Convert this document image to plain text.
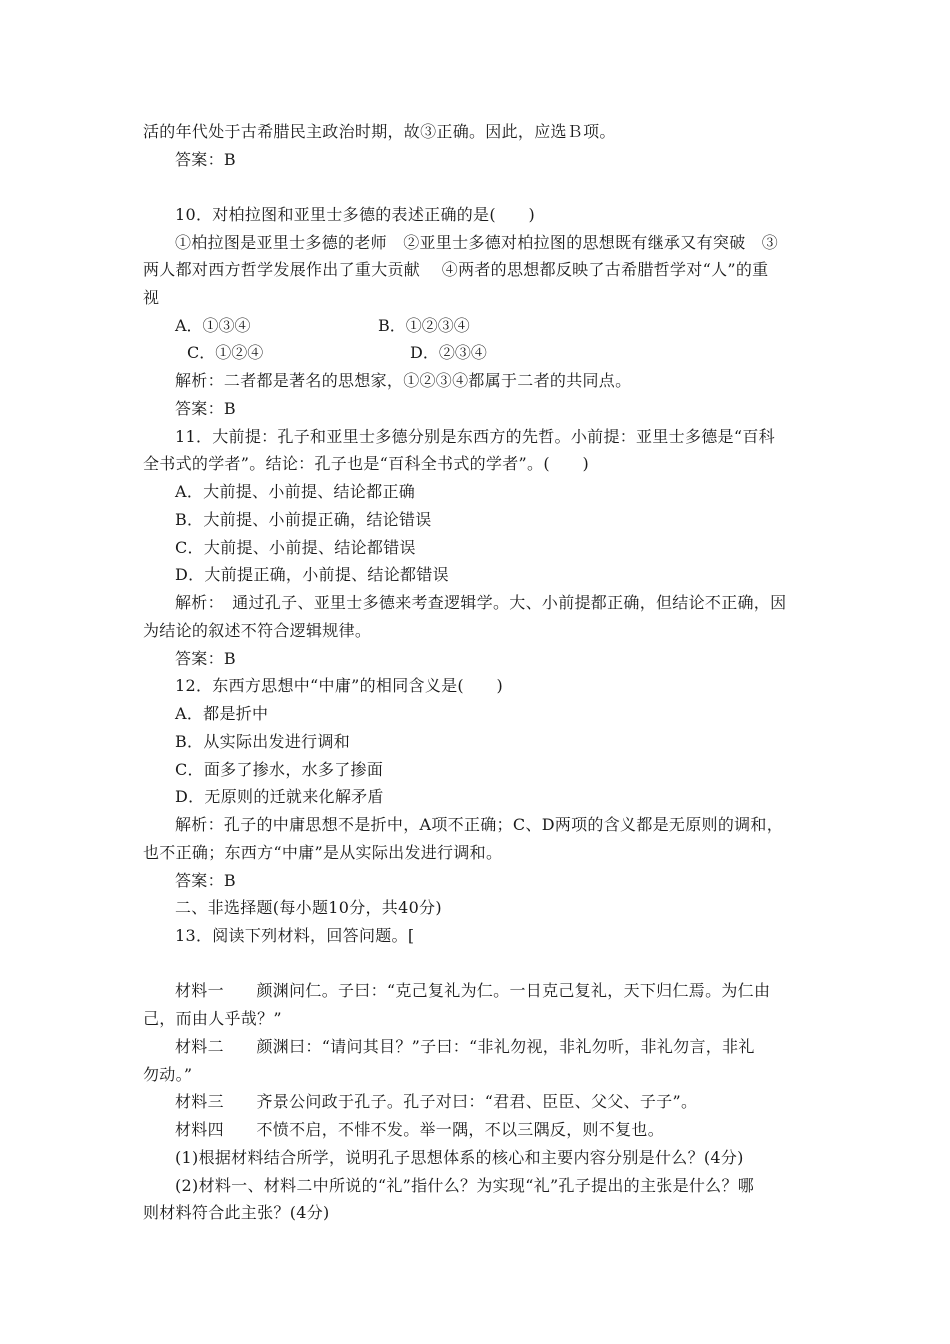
活的年代处于古希腊民主政治时期，故③正确。因此，应选Ｂ项。
答案：B
10．对柏拉图和亚里士多德的表述正确的是(　　)
①柏拉图是亚里士多德的老师　②亚里士多德对柏拉图的思想既有继承又有突破　③
两人都对西方哲学发展作出了重大贡献　 ④两者的思想都反映了古希腊哲学对“人”的重
视
A．①③④	B．①②③④
C．①②④	D．②③④
解析：二者都是著名的思想家，①②③④都属于二者的共同点。
答案：B
11．大前提：孔子和亚里士多德分别是东西方的先哲。小前提：亚里士多德是“百科
全书式的学者”。结论：孔子也是“百科全书式的学者”。(　　)
A．大前提、小前提、结论都正确
B．大前提、小前提正确，结论错误
C．大前提、小前提、结论都错误
D．大前提正确，小前提、结论都错误
解析：　通过孔子、亚里士多德来考查逻辑学。大、小前提都正确，但结论不正确，因
为结论的叙述不符合逻辑规律。
答案：B
12．东西方思想中“中庸”的相同含义是(　　)
A．都是折中
B．从实际出发进行调和
C．面多了掺水，水多了掺面
D．无原则的迁就来化解矛盾
解析：孔子的中庸思想不是折中，A项不正确；C、D两项的含义都是无原则的调和，
也不正确；东西方“中庸”是从实际出发进行调和。
答案：B
二、非选择题(每小题10分，共40分)
13．阅读下列材料，回答问题。[
材料一　　颜渊问仁。子曰：“克己复礼为仁。一日克己复礼，天下归仁焉。为仁由
己，而由人乎哉？”
材料二　　颜渊曰：“请问其目？”子曰：“非礼勿视，非礼勿听，非礼勿言，非礼
勿动。”
材料三　　齐景公问政于孔子。孔子对曰：“君君、臣臣、父父、子子”。
材料四　　不愤不启，不悱不发。举一隅，不以三隅反，则不复也。
(1)根据材料结合所学，说明孔子思想体系的核心和主要内容分别是什么？(4分)
(2)材料一、材料二中所说的“礼”指什么？为实现“礼”孔子提出的主张是什么？哪
则材料符合此主张？(4分)
